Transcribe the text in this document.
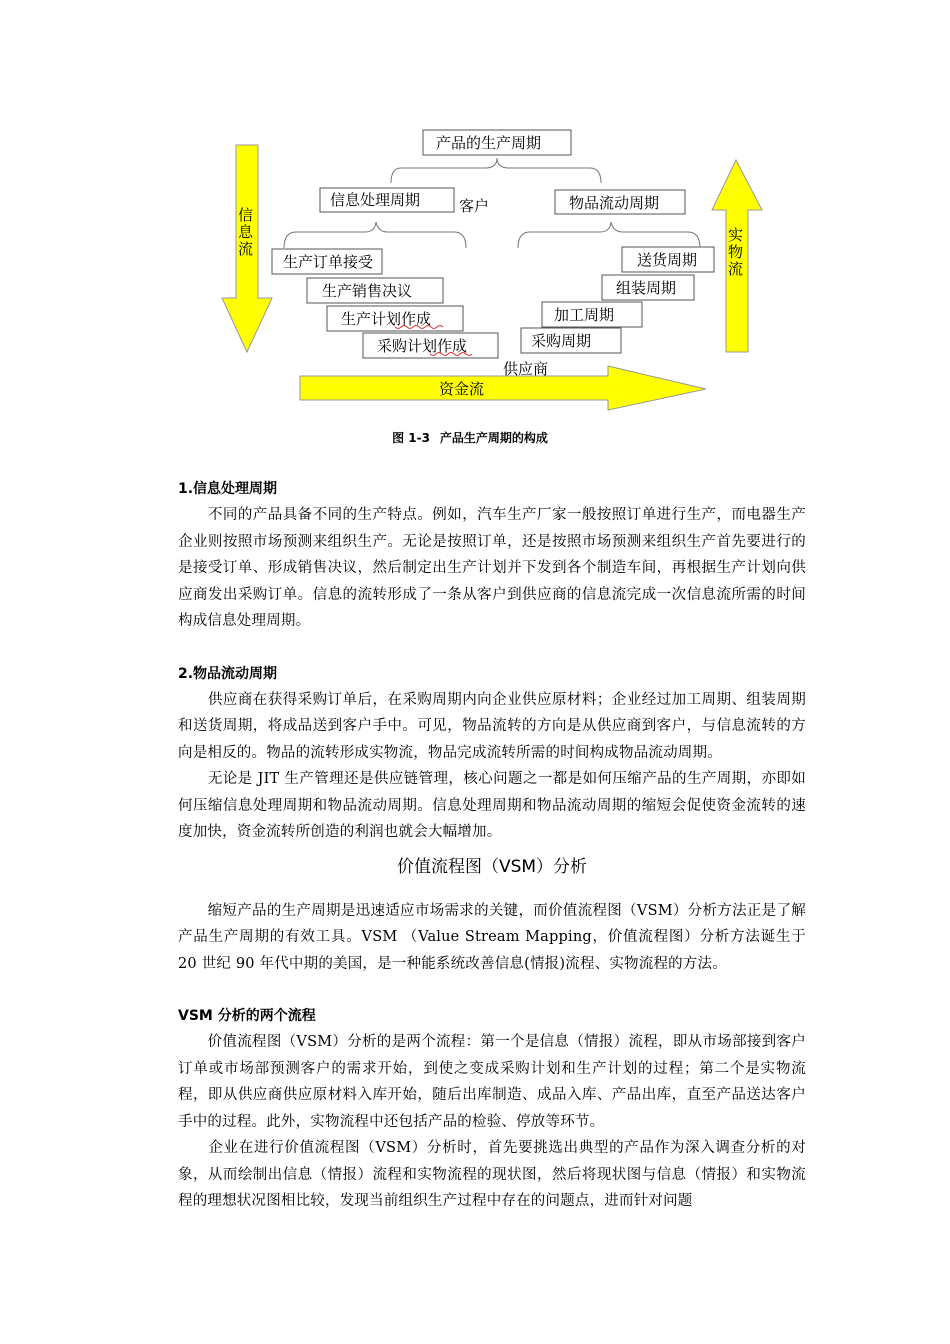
信
息
流
实
物
流
资金流
产品的生产周期
信息处理周期	物品流动周期
客户
生产订单接受
生产销售决议
生产计划作成
采购计划作成
送货周期
组装周期
加工周期
采购周期
供应商
图 1-3 产品生产周期的构成

1.信息处理周期

　　不同的产品具备不同的生产特点。例如，汽车生产厂家一般按照订单进行生产，而电器生产企业则按照市场预测来组织生产。无论是按照订单，还是按照市场预测来组织生产首先要进行的是接受订单、形成销售决议，然后制定出生产计划并下发到各个制造车间，再根据生产计划向供应商发出采购订单。信息的流转形成了一条从客户到供应商的信息流完成一次信息流所需的时间构成信息处理周期。

2.物品流动周期

　　供应商在获得采购订单后，在采购周期内向企业供应原材料；企业经过加工周期、组装周期和送货周期，将成品送到客户手中。可见，物品流转的方向是从供应商到客户，与信息流转的方向是相反的。物品的流转形成实物流，物品完成流转所需的时间构成物品流动周期。

　　无论是 JIT 生产管理还是供应链管理，核心问题之一都是如何压缩产品的生产周期，亦即如何压缩信息处理周期和物品流动周期。信息处理周期和物品流动周期的缩短会促使资金流转的速度加快，资金流转所创造的利润也就会大幅增加。

价值流程图（VSM）分析

　　缩短产品的生产周期是迅速适应市场需求的关键，而价值流程图（VSM）分析方法正是了解产品生产周期的有效工具。VSM （Value Stream Mapping，价值流程图）分析方法诞生于 20 世纪 90 年代中期的美国，是一种能系统改善信息(情报)流程、实物流程的方法。

VSM 分析的两个流程

　　价值流程图（VSM）分析的是两个流程：第一个是信息（情报）流程，即从市场部接到客户订单或市场部预测客户的需求开始，到使之变成采购计划和生产计划的过程；第二个是实物流程，即从供应商供应原材料入库开始，随后出库制造、成品入库、产品出库，直至产品送达客户手中的过程。此外，实物流程中还包括产品的检验、停放等环节。

　　企业在进行价值流程图（VSM）分析时，首先要挑选出典型的产品作为深入调查分析的对象，从而绘制出信息（情报）流程和实物流程的现状图，然后将现状图与信息（情报）和实物流程的理想状况图相比较，发现当前组织生产过程中存在的问题点，进而针对问题
